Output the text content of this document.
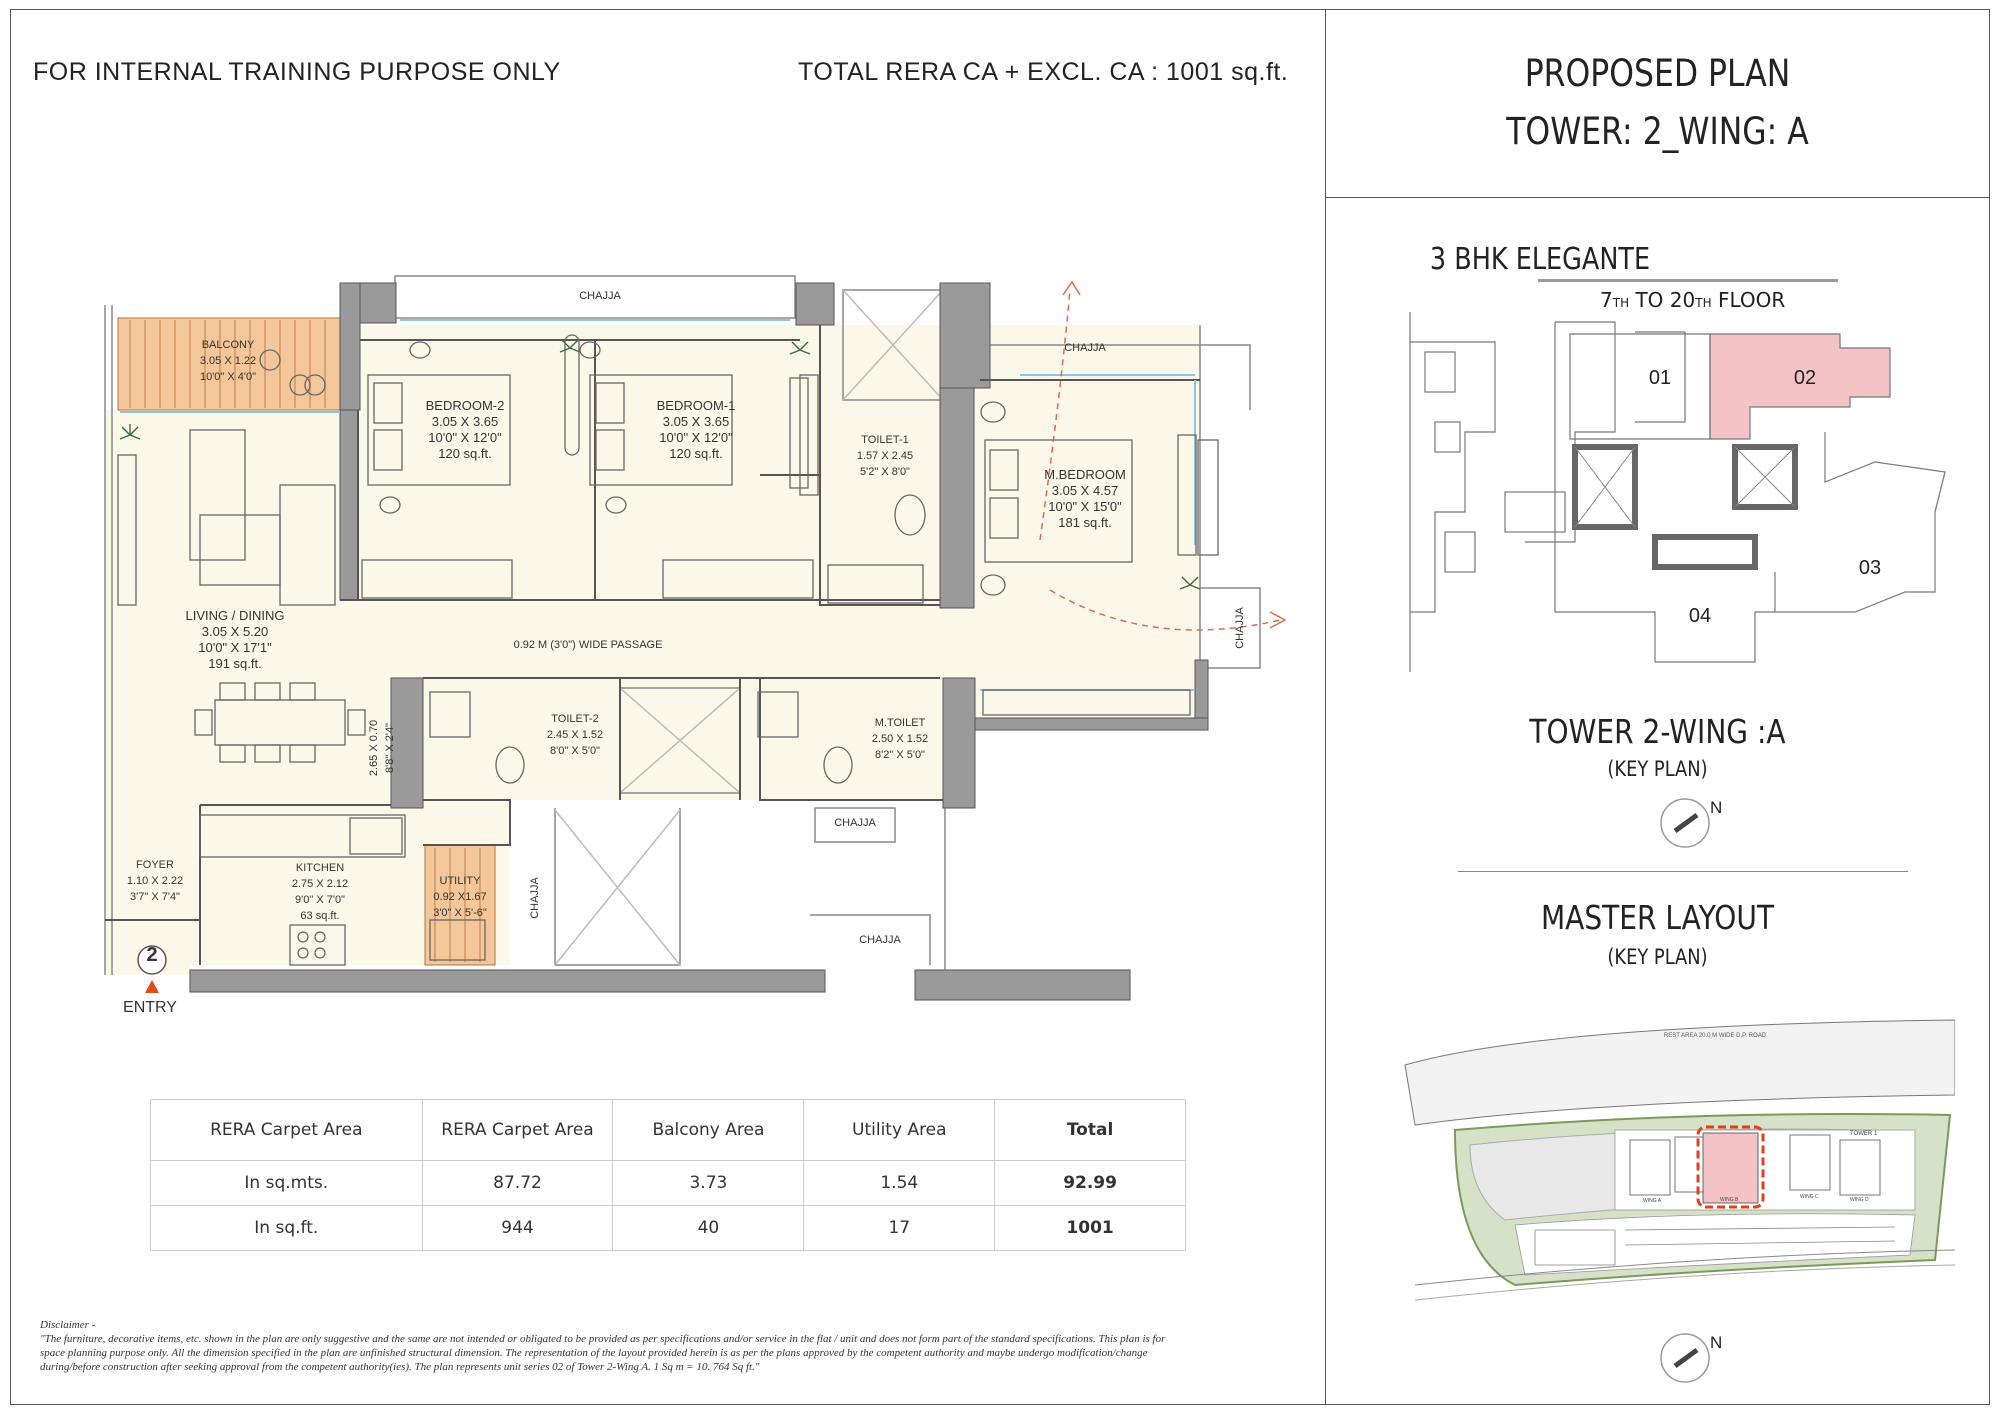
FOR INTERNAL TRAINING PURPOSE ONLY	TOTAL RERA CA + EXCL. CA : 1001 sq.ft.	PROPOSED PLAN
TOWER: 2_WING: A
3 BHK ELEGANTE
7TH TO 20TH FLOOR
01	02
03
04
TOWER 2-WING :A
(KEY PLAN)
N
MASTER LAYOUT
(KEY PLAN)
REST AREA 20.0 M WIDE D.P. ROAD
TOWER 1
WING A	WING B	WING C	WING D
N
BALCONY
3.05 X 1.22
10'0" X 4'0"
BEDROOM-2
3.05 X 3.65
10'0" X 12'0"
120 sq.ft.
BEDROOM-1
3.05 X 3.65
10'0" X 12'0"
120 sq.ft.
TOILET-1
1.57 X 2.45
5'2" X 8'0"	M.BEDROOM
3.05 X 4.57
10'0" X 15'0"
181 sq.ft.
LIVING / DINING
3.05 X 5.20
10'0" X 17'1"
191 sq.ft.
0.92 M (3'0") WIDE PASSAGE
TOILET-2
2.45 X 1.52
8'0" X 5'0"
M.TOILET
2.50 X 1.52
8'2" X 5'0"
2.65 X 0.70 8'8" X 2'4"
FOYER
1.10 X 2.22
3'7" X 7'4"
KITCHEN
2.75 X 2.12
9'0" X 7'0"
63 sq.ft.
UTILITY
0.92 X1.67
3'0" X 5'-6"
CHAJJA
CHAJJA
CHAJJA
CHAJJA
CHAJJA
CHAJJA
2
ENTRY
RERA Carpet Area	RERA Carpet Area	Balcony Area	Utility Area	Total
In sq.mts.	87.72	3.73	1.54	92.99
In sq.ft.	944	40	17	1001
Disclaimer -
"The furniture, decorative items, etc. shown in the plan are only suggestive and the same are not intended or obligated to be provided as per specifications and/or service in the flat / unit and does not form part of the standard specifications. This plan is for space planning purpose only. All the dimension specified in the plan are unfinished structural dimension. The representation of the layout provided herein is as per the plans approved by the competent authority and maybe undergo modification/change during/before construction after seeking approval from the competent authority(ies). The plan represents unit series 02 of Tower 2-Wing A. 1 Sq m = 10. 764 Sq ft."
